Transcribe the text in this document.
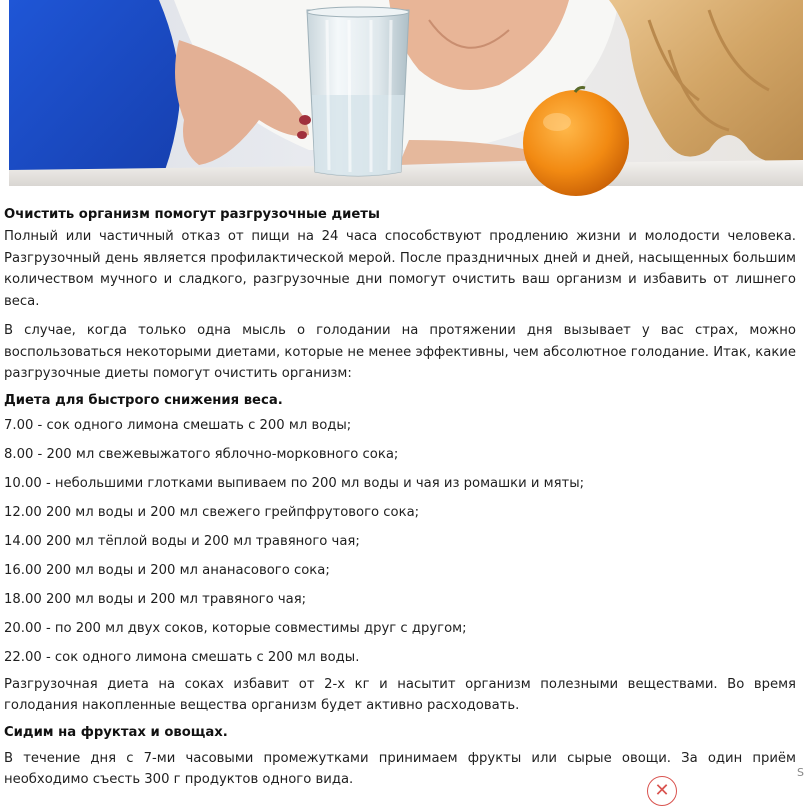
Очистить организм помогут разгрузочные диеты

Полный или частичный отказ от пищи на 24 часа способствуют продлению жизни и молодости человека. Разгрузочный день является профилактической мерой. После праздничных дней и дней, насыщенных большим количеством мучного и сладкого, разгрузочные дни помогут очистить ваш организм и избавить от лишнего веса.

В случае, когда только одна мысль о голодании на протяжении дня вызывает у вас страх, можно воспользоваться некоторыми диетами, которые не менее эффективны, чем абсолютное голодание. Итак, какие разгрузочные диеты помогут очистить организм:

Диета для быстрого снижения веса.

7.00 - сок одного лимона смешать с 200 мл воды;

8.00 - 200 мл свежевыжатого яблочно-морковного сока;

10.00 - небольшими глотками выпиваем по 200 мл воды и чая из ромашки и мяты;

12.00 200 мл воды и 200 мл свежего грейпфрутового сока;

14.00 200 мл тёплой воды и 200 мл травяного чая;

16.00 200 мл воды и 200 мл ананасового сока;

18.00 200 мл воды и 200 мл травяного чая;

20.00 - по 200 мл двух соков, которые совместимы друг с другом;

22.00 - сок одного лимона смешать с 200 мл воды.

Разгрузочная диета на соках избавит от 2-х кг и насытит организм полезными веществами. Во время голодания накопленные вещества организм будет активно расходовать.

Сидим на фруктах и овощах.

В течение дня с 7-ми часовыми промежутками принимаем фрукты или сырые овощи. За один приём необходимо съесть 300 г продуктов одного вида.

✕
S
